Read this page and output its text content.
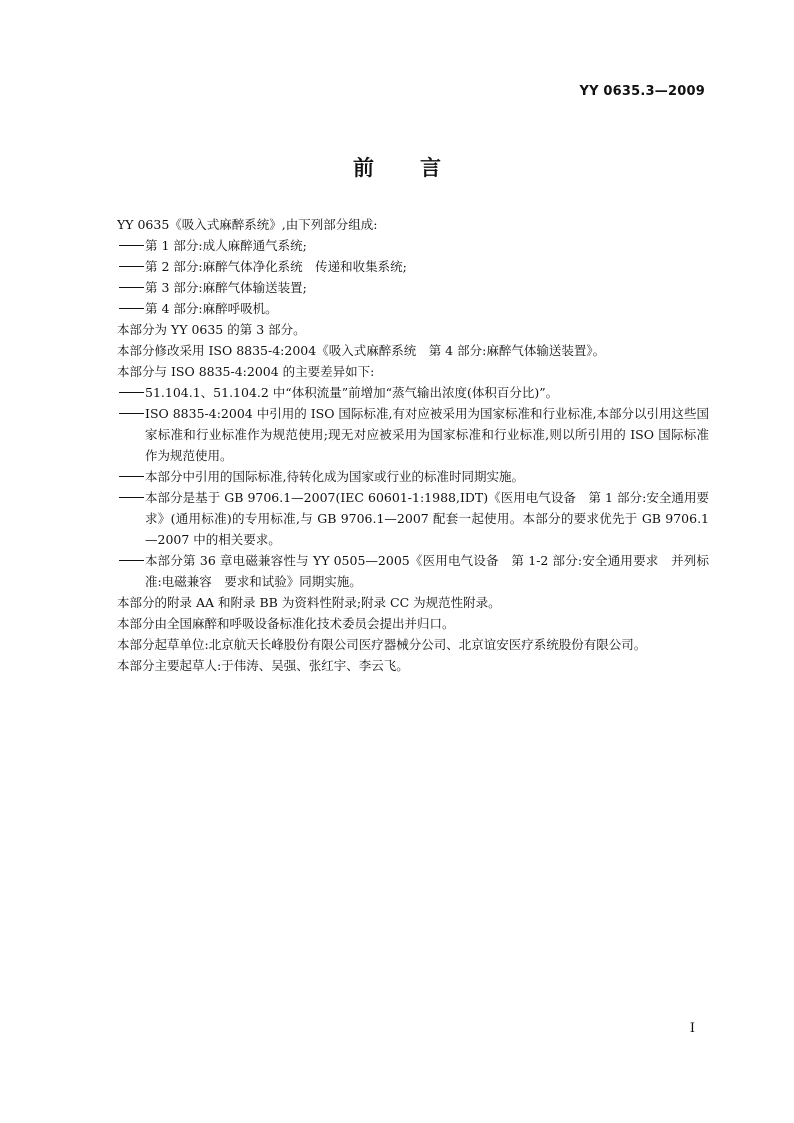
YY 0635.3—2009
前言
YY 0635《吸入式麻醉系统》,由下列部分组成:
第 1 部分:成人麻醉通气系统;
第 2 部分:麻醉气体净化系统　传递和收集系统;
第 3 部分:麻醉气体输送装置;
第 4 部分:麻醉呼吸机。
本部分为 YY 0635 的第 3 部分。
本部分修改采用 ISO 8835-4:2004《吸入式麻醉系统　第 4 部分:麻醉气体输送装置》。
本部分与 ISO 8835-4:2004 的主要差异如下:
51.104.1、51.104.2 中“体积流量”前增加“蒸气输出浓度(体积百分比)”。
ISO 8835-4:2004 中引用的 ISO 国际标准,有对应被采用为国家标准和行业标准,本部分以引用这些国家标准和行业标准作为规范使用;现无对应被采用为国家标准和行业标准,则以所引用的 ISO 国际标准作为规范使用。
本部分中引用的国际标准,待转化成为国家或行业的标准时同期实施。
本部分是基于 GB 9706.1—2007(IEC 60601-1:1988,IDT)《医用电气设备　第 1 部分:安全通用要求》(通用标准)的专用标准,与 GB 9706.1—2007 配套一起使用。本部分的要求优先于 GB 9706.1—2007 中的相关要求。
本部分第 36 章电磁兼容性与 YY 0505—2005《医用电气设备　第 1-2 部分:安全通用要求　并列标准:电磁兼容　要求和试验》同期实施。
本部分的附录 AA 和附录 BB 为资料性附录;附录 CC 为规范性附录。
本部分由全国麻醉和呼吸设备标准化技术委员会提出并归口。
本部分起草单位:北京航天长峰股份有限公司医疗器械分公司、北京谊安医疗系统股份有限公司。
本部分主要起草人:于伟涛、吴强、张红宇、李云飞。
I
